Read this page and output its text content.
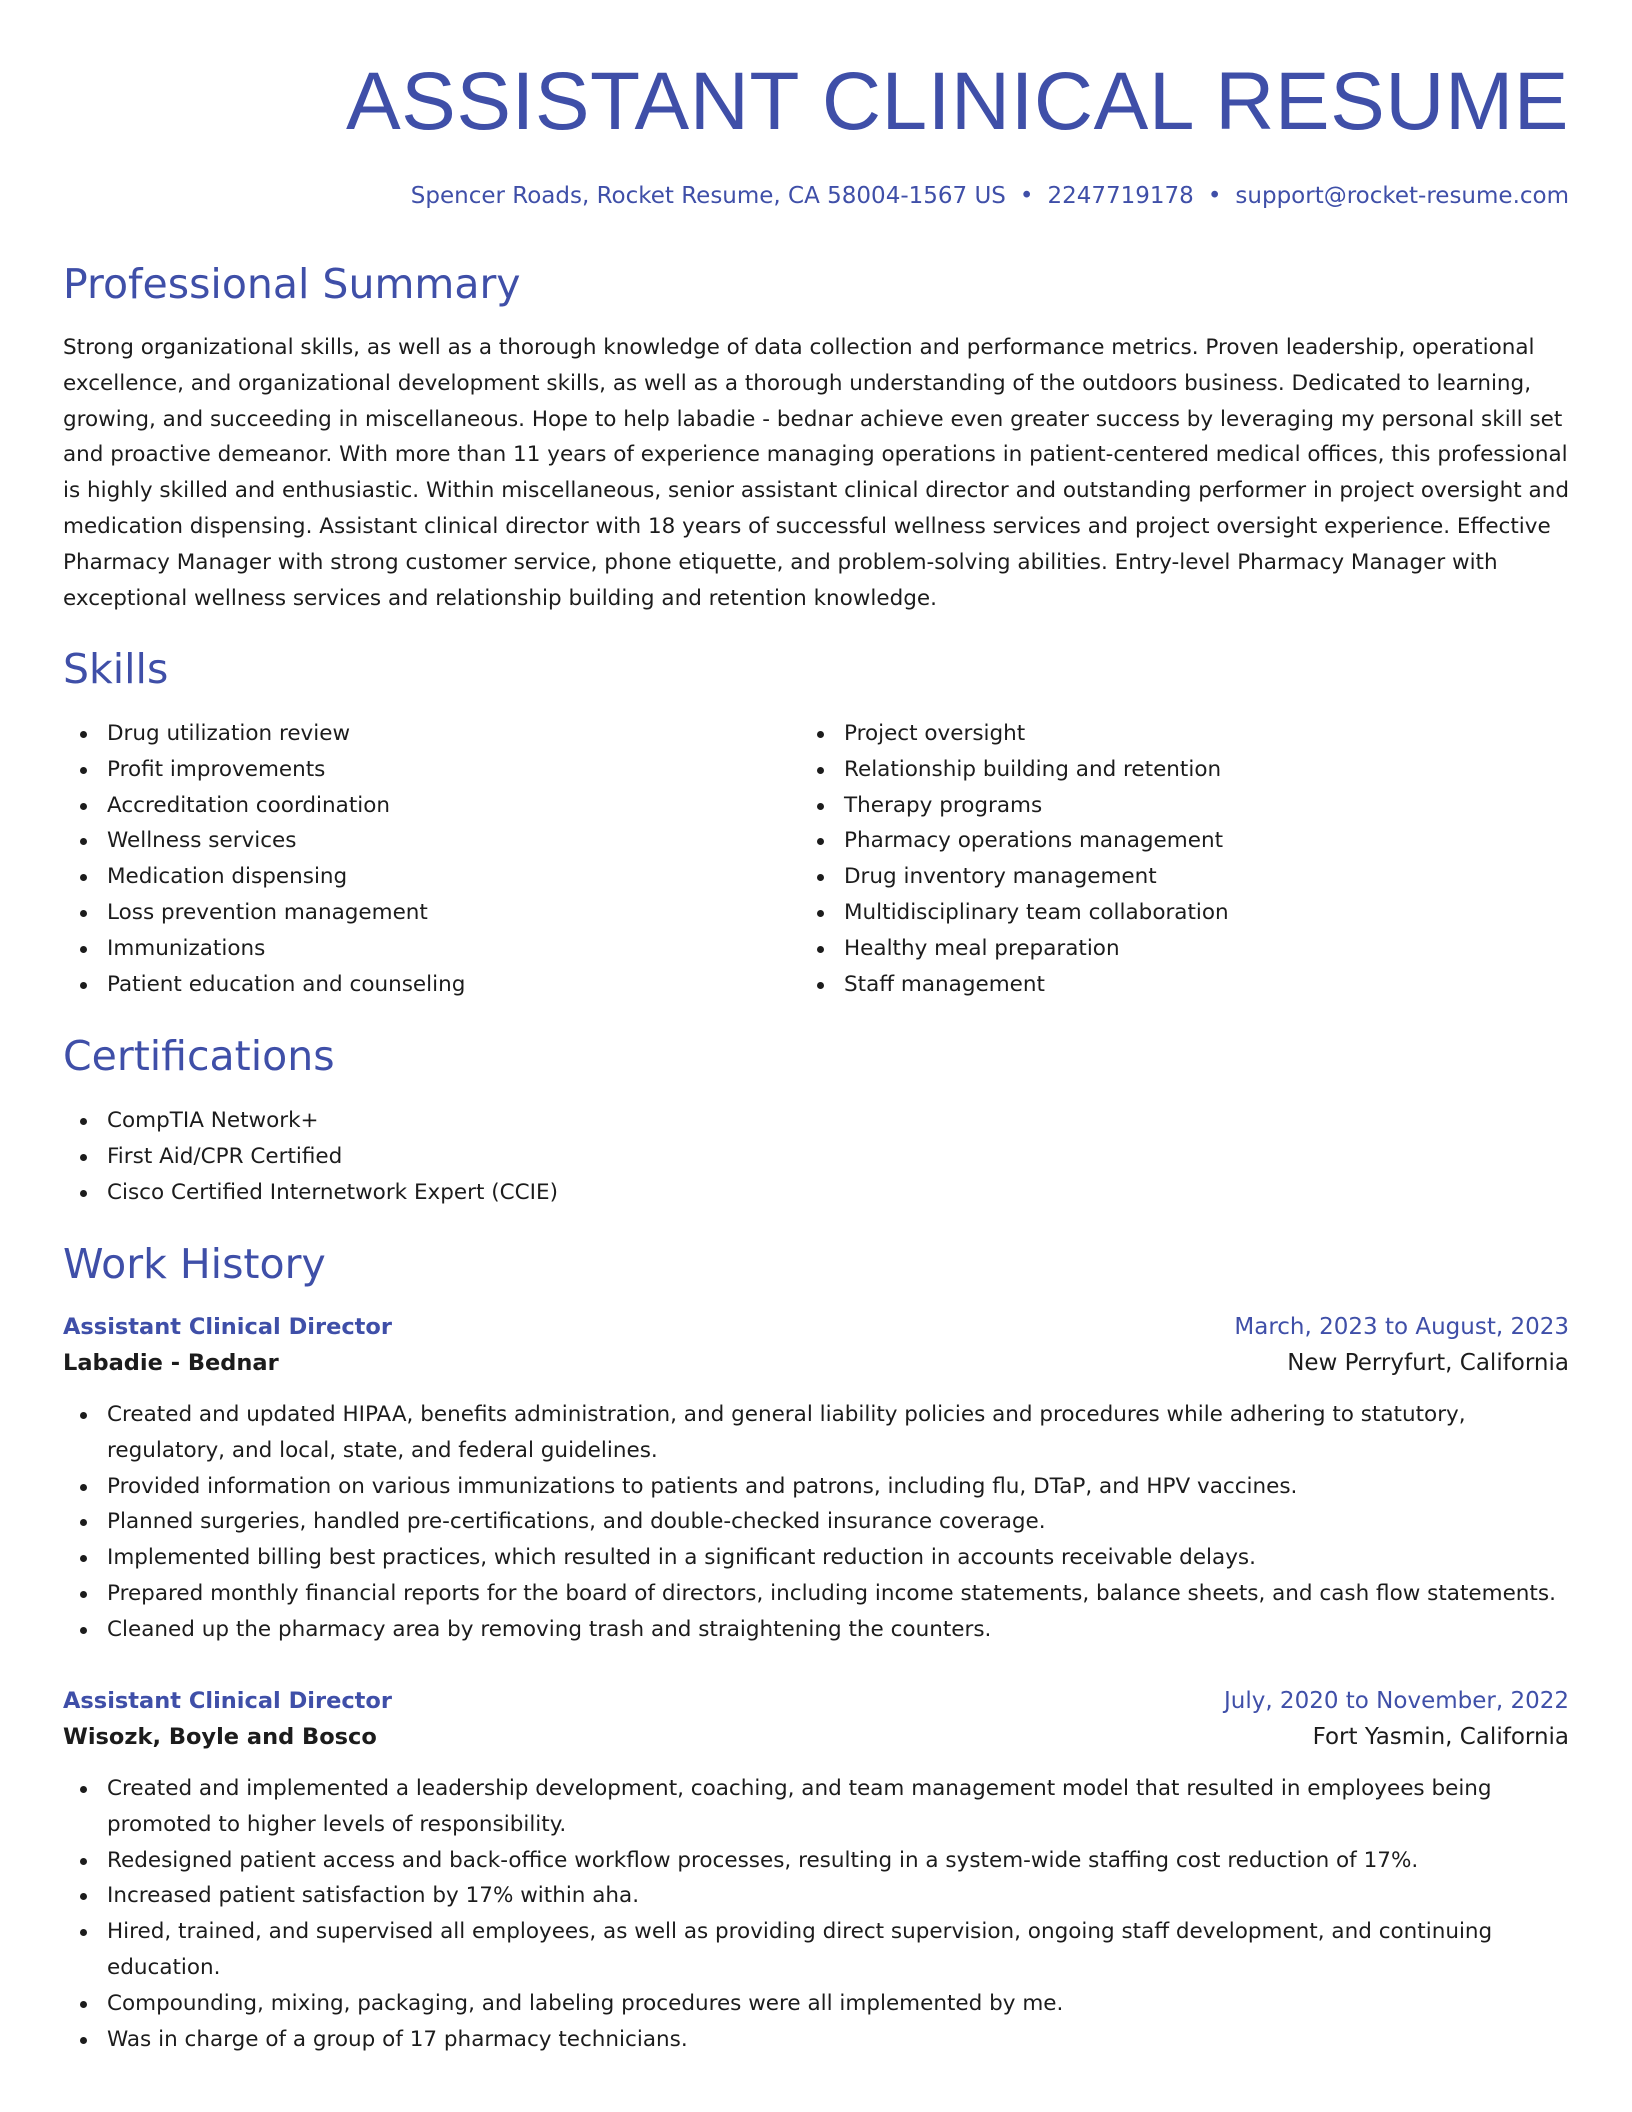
ASSISTANT CLINICAL RESUME
Spencer Roads, Rocket Resume, CA 58004-1567 US • 2247719178 • support@rocket-resume.com
Professional Summary

Strong organizational skills, as well as a thorough knowledge of data collection and performance metrics. Proven leadership, operational excellence, and organizational development skills, as well as a thorough understanding of the outdoors business. Dedicated to learning, growing, and succeeding in miscellaneous. Hope to help labadie - bednar achieve even greater success by leveraging my personal skill set and proactive demeanor. With more than 11 years of experience managing operations in patient-centered medical offices, this professional is highly skilled and enthusiastic. Within miscellaneous, senior assistant clinical director and outstanding performer in project oversight and medication dispensing. Assistant clinical director with 18 years of successful wellness services and project oversight experience. Effective Pharmacy Manager with strong customer service, phone etiquette, and problem-solving abilities. Entry-level Pharmacy Manager with exceptional wellness services and relationship building and retention knowledge.

Skills
Drug utilization review
Profit improvements
Accreditation coordination
Wellness services
Medication dispensing
Loss prevention management
Immunizations
Patient education and counseling
Project oversight
Relationship building and retention
Therapy programs
Pharmacy operations management
Drug inventory management
Multidisciplinary team collaboration
Healthy meal preparation
Staff management
Certifications
CompTIA Network+
First Aid/CPR Certified
Cisco Certified Internetwork Expert (CCIE)
Work History
Assistant Clinical Director	March, 2023 to August, 2023
Labadie - Bednar	New Perryfurt, California
Created and updated HIPAA, benefits administration, and general liability policies and procedures while adhering to statutory, regulatory, and local, state, and federal guidelines.
Provided information on various immunizations to patients and patrons, including flu, DTaP, and HPV vaccines.
Planned surgeries, handled pre-certifications, and double-checked insurance coverage.
Implemented billing best practices, which resulted in a significant reduction in accounts receivable delays.
Prepared monthly financial reports for the board of directors, including income statements, balance sheets, and cash flow statements.
Cleaned up the pharmacy area by removing trash and straightening the counters.
Assistant Clinical Director	July, 2020 to November, 2022
Wisozk, Boyle and Bosco	Fort Yasmin, California
Created and implemented a leadership development, coaching, and team management model that resulted in employees being promoted to higher levels of responsibility.
Redesigned patient access and back-office workflow processes, resulting in a system-wide staffing cost reduction of 17%.
Increased patient satisfaction by 17% within aha.
Hired, trained, and supervised all employees, as well as providing direct supervision, ongoing staff development, and continuing education.
Compounding, mixing, packaging, and labeling procedures were all implemented by me.
Was in charge of a group of 17 pharmacy technicians.
